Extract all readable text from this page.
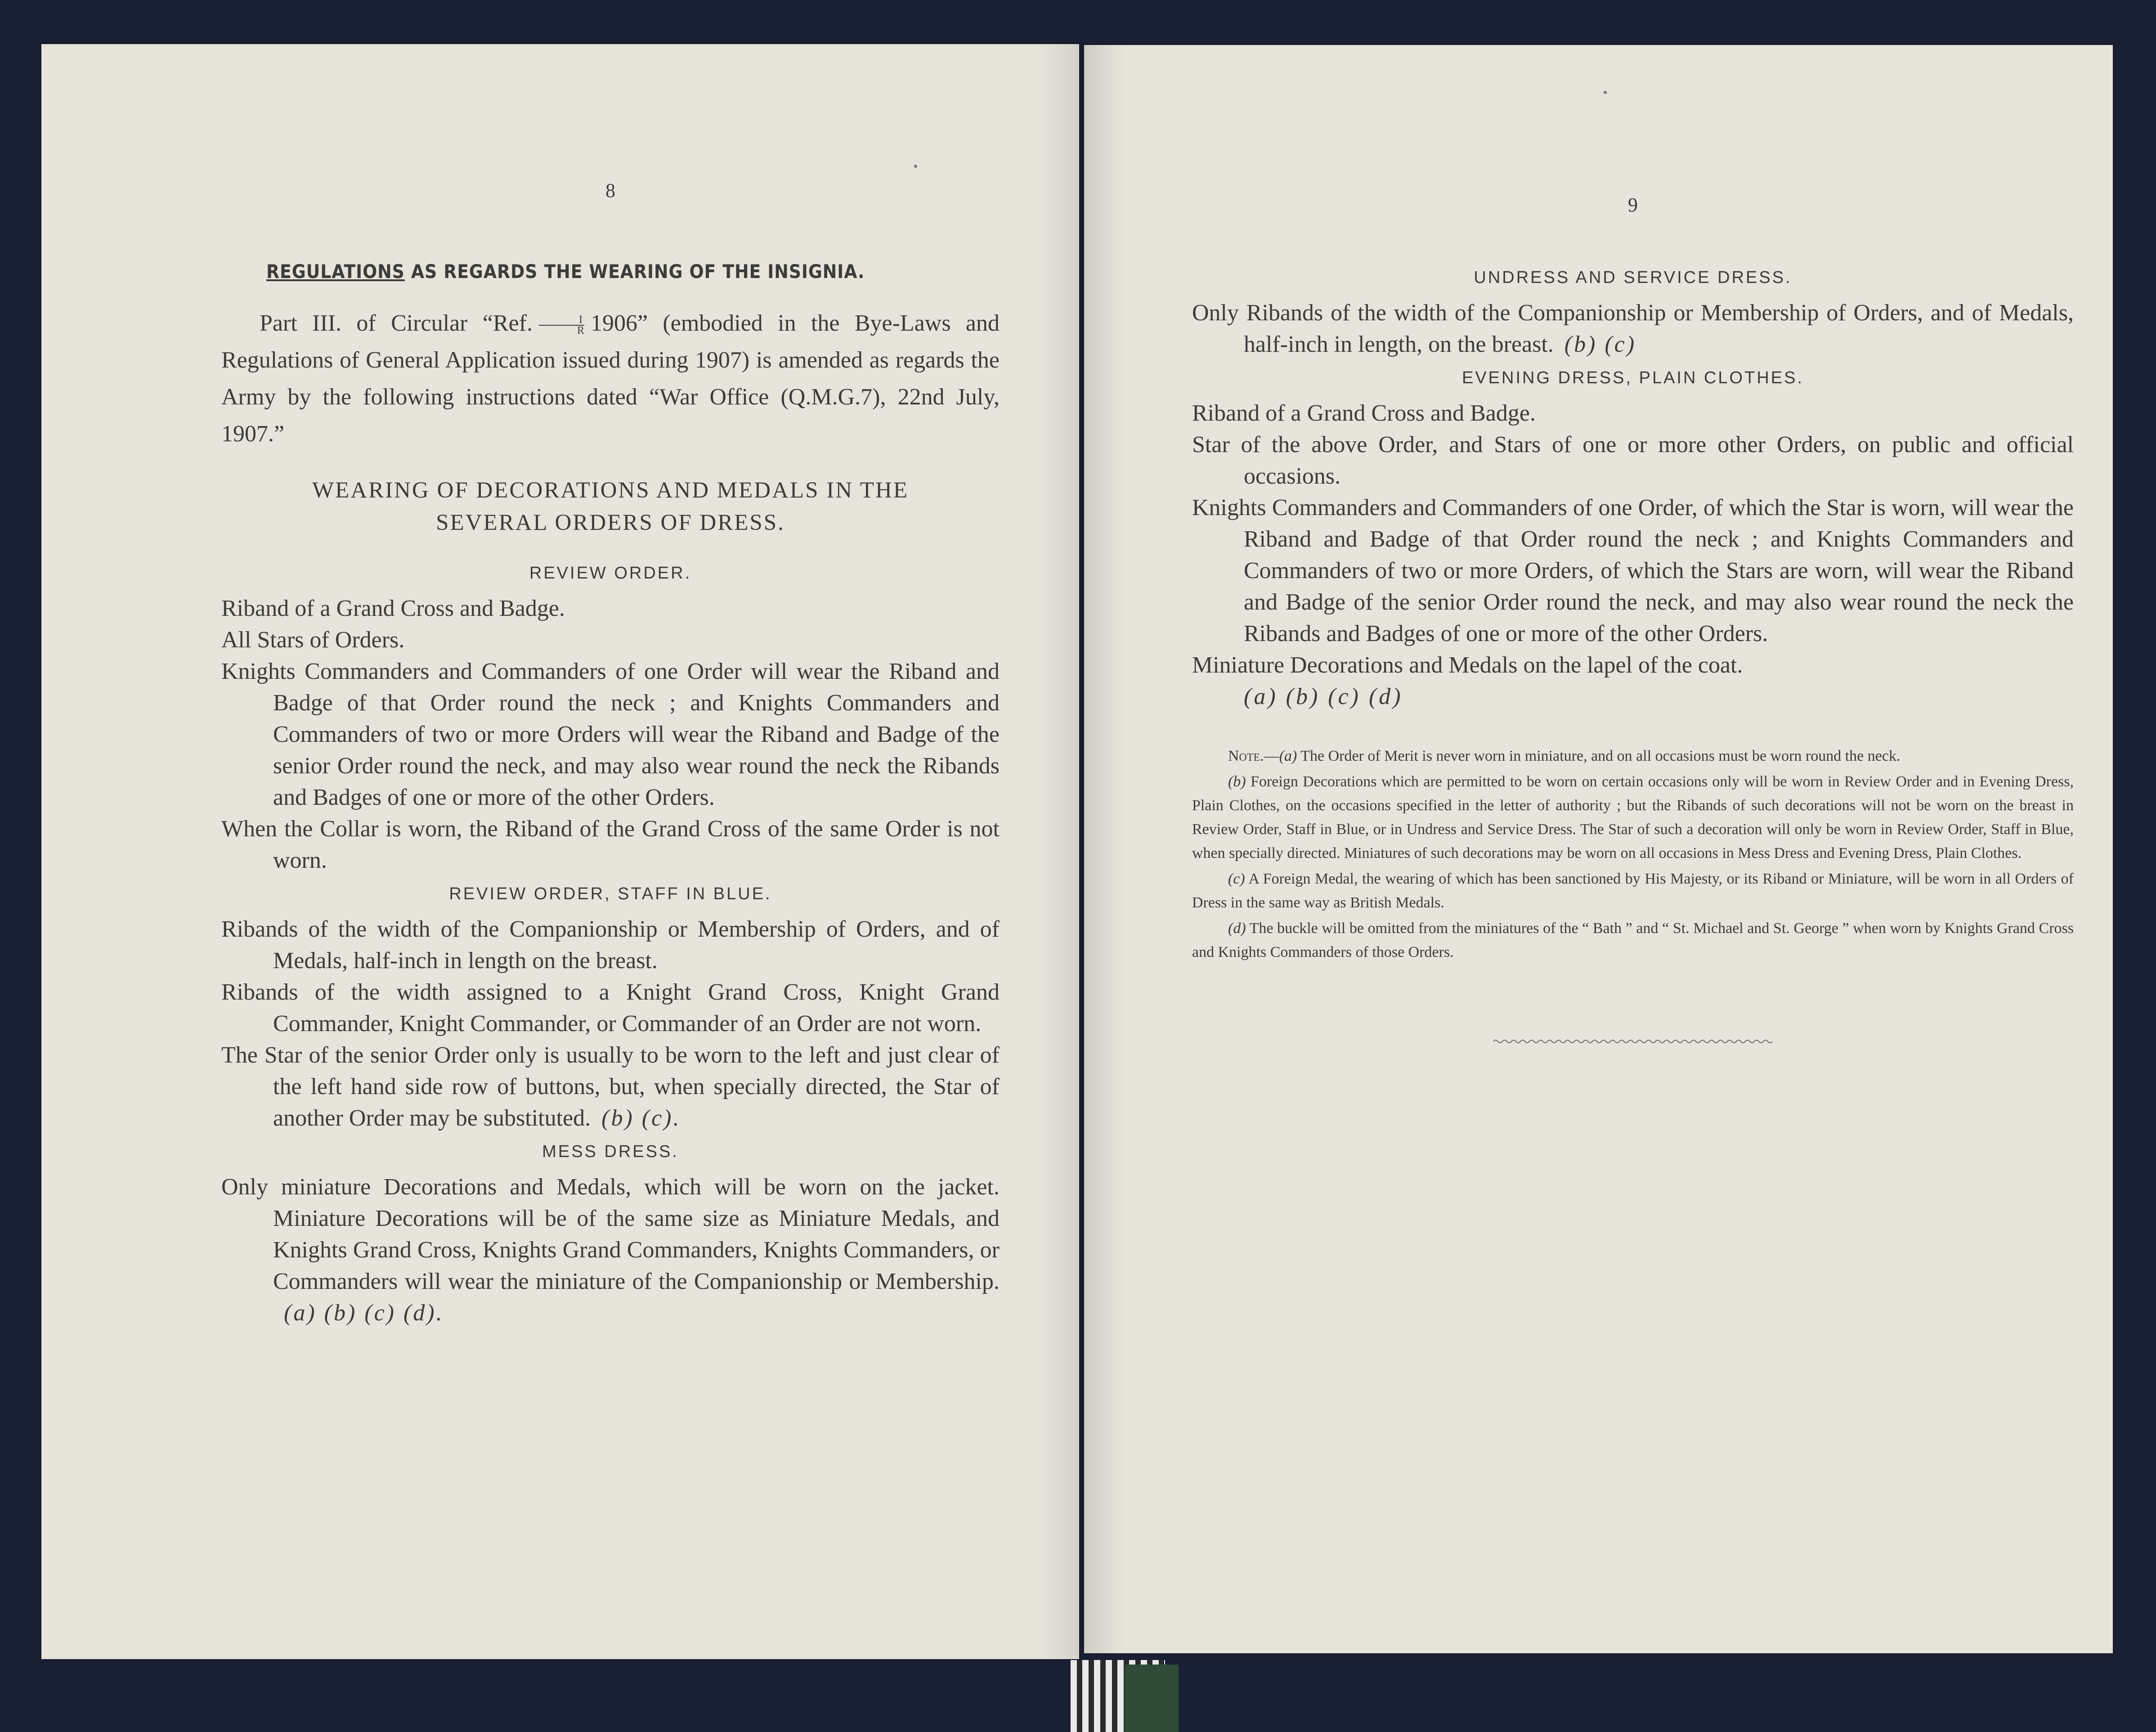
8
REGULATIONS AS REGARDS THE WEARING OF THE INSIGNIA.

Part III. of Circular “Ref. $\frac{I}{R} 1906$” (embodied in the Bye-Laws and Regulations of General Application issued during 1907) is amended as regards the Army by the following instructions dated “War Office (Q.M.G.7), 22nd July, 1907.”

WEARING OF DECORATIONS AND MEDALS IN THE
SEVERAL ORDERS OF DRESS.
REVIEW ORDER.

Riband of a Grand Cross and Badge.

All Stars of Orders.

Knights Commanders and Commanders of one Order will wear the Riband and Badge of that Order round the neck ; and Knights Commanders and Commanders of two or more Orders will wear the Riband and Badge of the senior Order round the neck, and may also wear round the neck the Ribands and Badges of one or more of the other Orders.

When the Collar is worn, the Riband of the Grand Cross of the same Order is not worn.

REVIEW ORDER, STAFF IN BLUE.

Ribands of the width of the Companionship or Membership of Orders, and of Medals, half-inch in length on the breast.

Ribands of the width assigned to a Knight Grand Cross, Knight Grand Commander, Knight Commander, or Commander of an Order are not worn.

The Star of the senior Order only is usually to be worn to the left and just clear of the left hand side row of buttons, but, when specially directed, the Star of another Order may be substituted. (b) (c).

MESS DRESS.

Only miniature Decorations and Medals, which will be worn on the jacket. Miniature Decorations will be of the same size as Miniature Medals, and Knights Grand Cross, Knights Grand Commanders, Knights Commanders, or Commanders will wear the miniature of the Companionship or Membership.(a) (b) (c) (d).

9
UNDRESS AND SERVICE DRESS.

Only Ribands of the width of the Companionship or Membership of Orders, and of Medals, half-inch in length, on the breast. (b) (c)

EVENING DRESS, PLAIN CLOTHES.

Riband of a Grand Cross and Badge.

Star of the above Order, and Stars of one or more other Orders, on public and official occasions.

Knights Commanders and Commanders of one Order, of which the Star is worn, will wear the Riband and Badge of that Order round the neck ; and Knights Commanders and Commanders of two or more Orders, of which the Stars are worn, will wear the Riband and Badge of the senior Order round the neck, and may also wear round the neck the Ribands and Badges of one or more of the other Orders.

Miniature Decorations and Medals on the lapel of the coat.

(a) (b) (c) (d)

Note.—(a) The Order of Merit is never worn in miniature, and on all occasions must be worn round the neck.

(b) Foreign Decorations which are permitted to be worn on certain occasions only will be worn in Review Order and in Evening Dress, Plain Clothes, on the occasions specified in the letter of authority ; but the Ribands of such decorations will not be worn on the breast in Review Order, Staff in Blue, or in Undress and Service Dress. The Star of such a decoration will only be worn in Review Order, Staff in Blue, when specially directed. Miniatures of such decorations may be worn on all occasions in Mess Dress and Evening Dress, Plain Clothes.

(c) A Foreign Medal, the wearing of which has been sanctioned by His Majesty, or its Riband or Miniature, will be worn in all Orders of Dress in the same way as British Medals.

(d) The buckle will be omitted from the miniatures of the “ Bath ” and “ St. Michael and St. George ” when worn by Knights Grand Cross and Knights Commanders of those Orders.
